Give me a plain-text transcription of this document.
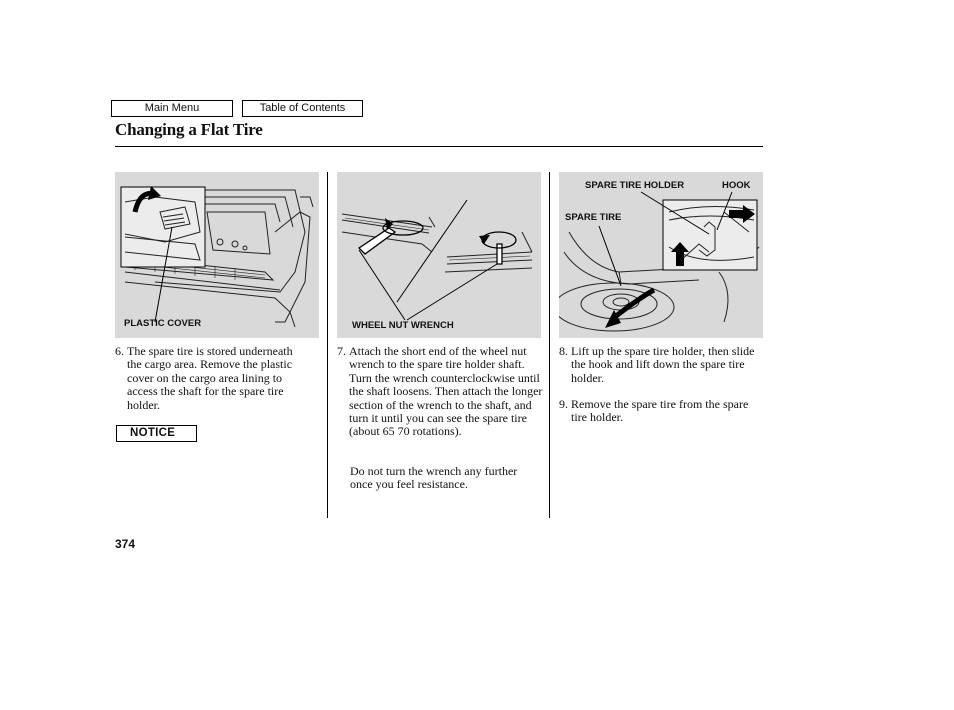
Main Menu	Table of Contents
Changing a Flat Tire
PLASTIC COVER	WHEEL NUT WRENCH
SPARE TIRE HOLDER	HOOK
SPARE TIRE
6. The spare tire is stored underneath the cargo area. Remove the plastic cover on the cargo area lining to access the shaft for the spare tire holder.
NOTICE
7. Attach the short end of the wheel nut wrench to the spare tire holder shaft. Turn the wrench counterclockwise until the shaft loosens. Then attach the longer section of the wrench to the shaft, and turn it until you can see the spare tire (about 65 70 rotations).
Do not turn the wrench any further once you feel resistance.
8. Lift up the spare tire holder, then slide the hook and lift down the spare tire holder.
9. Remove the spare tire from the spare tire holder.
374
